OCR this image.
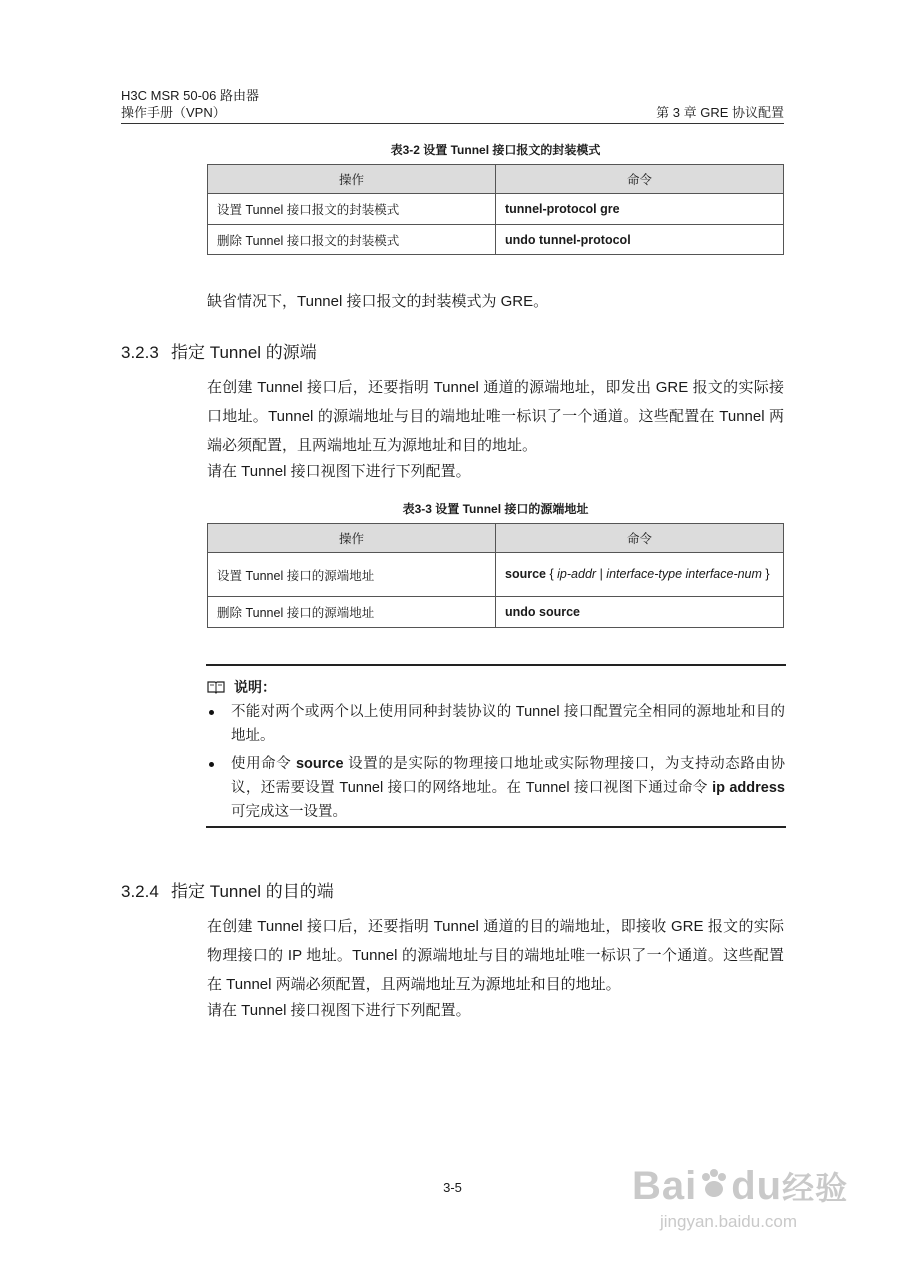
H3C MSR 50-06 路由器
操作手册（VPN）	第 3 章 GRE 协议配置
表3-2 设置 Tunnel 接口报文的封装模式
操作	命令
设置 Tunnel 接口报文的封装模式	tunnel-protocol gre
删除 Tunnel 接口报文的封装模式	undo tunnel-protocol
缺省情况下，Tunnel 接口报文的封装模式为 GRE。
3.2.3 指定 Tunnel 的源端
在创建 Tunnel 接口后，还要指明 Tunnel 通道的源端地址，即发出 GRE 报文的实际接口地址。Tunnel 的源端地址与目的端地址唯一标识了一个通道。这些配置在 Tunnel 两端必须配置，且两端地址互为源地址和目的地址。
请在 Tunnel 接口视图下进行下列配置。
表3-3 设置 Tunnel 接口的源端地址
操作	命令
设置 Tunnel 接口的源端地址	source { ip-addr | interface-type interface-num }
删除 Tunnel 接口的源端地址	undo source
说明：
不能对两个或两个以上使用同种封装协议的 Tunnel 接口配置完全相同的源地址和目的地址。
使用命令 source 设置的是实际的物理接口地址或实际物理接口，为支持动态路由协议，还需要设置 Tunnel 接口的网络地址。在 Tunnel 接口视图下通过命令 ip address 可完成这一设置。
3.2.4 指定 Tunnel 的目的端
在创建 Tunnel 接口后，还要指明 Tunnel 通道的目的端地址，即接收 GRE 报文的实际物理接口的 IP 地址。Tunnel 的源端地址与目的端地址唯一标识了一个通道。这些配置在 Tunnel 两端必须配置，且两端地址互为源地址和目的地址。
请在 Tunnel 接口视图下进行下列配置。
3-5	Bai du经验
jingyan.baidu.com
